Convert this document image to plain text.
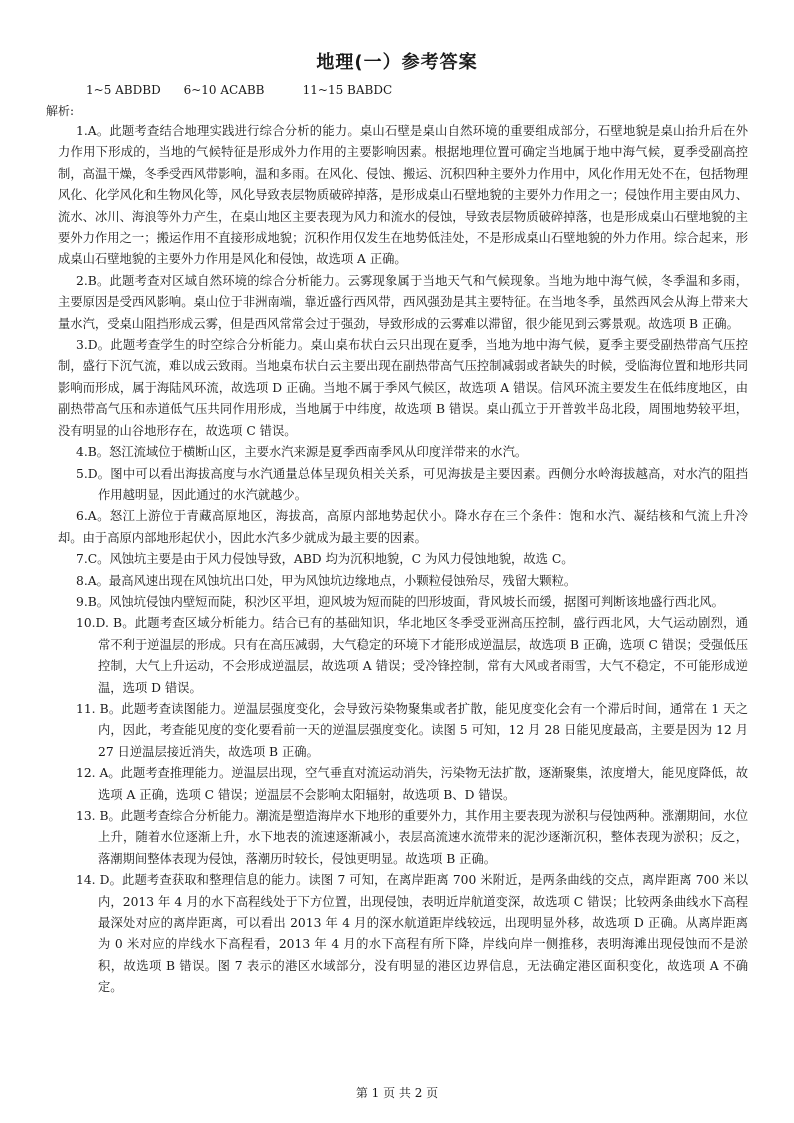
地理(一）参考答案
1~5 ABDBD      6~10 ACABB          11~15 BABDC
解析:

1.A。此题考查结合地理实践进行综合分析的能力。桌山石壁是桌山自然环境的重要组成部分，石壁地貌是桌山抬升后在外力作用下形成的，当地的气候特征是形成外力作用的主要影响因素。根据地理位置可确定当地属于地中海气候，夏季受副高控制，高温干燥，冬季受西风带影响，温和多雨。在风化、侵蚀、搬运、沉积四种主要外力作用中，风化作用无处不在，包括物理风化、化学风化和生物风化等，风化导致表层物质破碎掉落，是形成桌山石壁地貌的主要外力作用之一；侵蚀作用主要由风力、流水、冰川、海浪等外力产生，在桌山地区主要表现为风力和流水的侵蚀，导致表层物质破碎掉落，也是形成桌山石壁地貌的主要外力作用之一；搬运作用不直接形成地貌；沉积作用仅发生在地势低洼处，不是形成桌山石壁地貌的外力作用。综合起来，形成桌山石壁地貌的主要外力作用是风化和侵蚀，故选项 A 正确。

2.B。此题考查对区域自然环境的综合分析能力。云雾现象属于当地天气和气候现象。当地为地中海气候，冬季温和多雨，主要原因是受西风影响。桌山位于非洲南端，靠近盛行西风带，西风强劲是其主要特征。在当地冬季，虽然西风会从海上带来大量水汽，受桌山阻挡形成云雾，但是西风常常会过于强劲，导致形成的云雾难以滞留，很少能见到云雾景观。故选项 B 正确。

3.D。此题考查学生的时空综合分析能力。桌山桌布状白云只出现在夏季，当地为地中海气候，夏季主要受副热带高气压控制，盛行下沉气流，难以成云致雨。当地桌布状白云主要出现在副热带高气压控制减弱或者缺失的时候，受临海位置和地形共同影响而形成，属于海陆风环流，故选项 D 正确。当地不属于季风气候区，故选项 A 错误。信风环流主要发生在低纬度地区，由副热带高气压和赤道低气压共同作用形成，当地属于中纬度，故选项 B 错误。桌山孤立于开普敦半岛北段，周围地势较平坦，没有明显的山谷地形存在，故选项 C 错误。

4.B。怒江流域位于横断山区，主要水汽来源是夏季西南季风从印度洋带来的水汽。

5.D。图中可以看出海拔高度与水汽通量总体呈现负相关关系，可见海拔是主要因素。西侧分水岭海拔越高，对水汽的阻挡作用越明显，因此通过的水汽就越少。

6.A。怒江上游位于青藏高原地区，海拔高，高原内部地势起伏小。降水存在三个条件：饱和水汽、凝结核和气流上升冷却。由于高原内部地形起伏小，因此水汽多少就成为最主要的因素。

7.C。风蚀坑主要是由于风力侵蚀导致，ABD 均为沉积地貌，C 为风力侵蚀地貌，故选 C。

8.A。最高风速出现在风蚀坑出口处，甲为风蚀坑边缘地点，小颗粒侵蚀殆尽，残留大颗粒。

9.B。风蚀坑侵蚀内壁短而陡，积沙区平坦，迎风坡为短而陡的凹形坡面，背风坡长而缓，据图可判断该地盛行西北风。

10.D. B。此题考查区域分析能力。结合已有的基础知识，华北地区冬季受亚洲高压控制，盛行西北风，大气运动剧烈，通常不利于逆温层的形成。只有在高压减弱，大气稳定的环境下才能形成逆温层，故选项 B 正确，选项 C 错误；受强低压控制，大气上升运动，不会形成逆温层，故选项 A 错误；受冷锋控制，常有大风或者雨雪，大气不稳定，不可能形成逆温，选项 D 错误。

11. B。此题考查读图能力。逆温层强度变化，会导致污染物聚集或者扩散，能见度变化会有一个滞后时间，通常在 1 天之内，因此，考查能见度的变化要看前一天的逆温层强度变化。读图 5 可知，12 月 28 日能见度最高，主要是因为 12 月 27 日逆温层接近消失，故选项 B 正确。

12. A。此题考查推理能力。逆温层出现，空气垂直对流运动消失，污染物无法扩散，逐渐聚集，浓度增大，能见度降低，故选项 A 正确，选项 C 错误；逆温层不会影响太阳辐射，故选项 B、D 错误。

13. B。此题考查综合分析能力。潮流是塑造海岸水下地形的重要外力，其作用主要表现为淤积与侵蚀两种。涨潮期间，水位上升，随着水位逐渐上升，水下地表的流速逐渐减小，表层高流速水流带来的泥沙逐渐沉积，整体表现为淤积；反之，落潮期间整体表现为侵蚀，落潮历时较长，侵蚀更明显。故选项 B 正确。

14. D。此题考查获取和整理信息的能力。读图 7 可知，在离岸距离 700 米附近，是两条曲线的交点，离岸距离 700 米以内，2013 年 4 月的水下高程线处于下方位置，出现侵蚀，表明近岸航道变深，故选项 C 错误；比较两条曲线水下高程最深处对应的离岸距离，可以看出 2013 年 4 月的深水航道距岸线较远，出现明显外移，故选项 D 正确。从离岸距离为 0 米对应的岸线水下高程看，2013 年 4 月的水下高程有所下降，岸线向岸一侧推移，表明海滩出现侵蚀而不是淤积，故选项 B 错误。图 7 表示的港区水域部分，没有明显的港区边界信息，无法确定港区面积变化，故选项 A 不确定。

第 1 页 共 2 页
